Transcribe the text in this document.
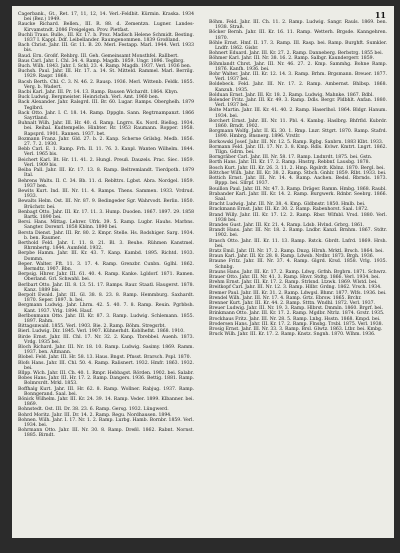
11

Cagerbank., Gt., Ret. 17, 11, 12, 14. Verl.-Feldbit. Kürmin. Kraska. 1934 bei (Bez.) 1949.

Raucke Richard. Bellen., III. R. 88. d. Zementzn. Lugner. Landes-Kirvamstndt. 2086 Freigelgen. Prov. Pietfast.

Buchli Traus. Bulle., III. Kr. 17. b. Proz. Madisch Helene Schmidt. Besting. 1837 I. Kappl. Ddf. Leibellander. Raumgenommen. 1839 Großland.

Bach Christ. Jahr. III. Gr. 11. B. 20. Merl. Festapp. Marl. 1944. Verl. 1933 bis.

Baud. Ern. Großf. Rehbrg. III. Geh. Gemeinsamt Monsthfel. Rallbert.

Baus Carl. Jahr. I. Chl. 34. 4. Ramp. Magdb. 1859. Ungr. 1896. Teglbrg.

Buch. Wilh. 1843. Jahr. I. Schl. 23. 4. Ramp. Magdb. 1937. Verl. 1936 ben.

Buchsh. Paul. Jahr. III. Hr. 17. a. 14. St. Mitteld. Rammel. Marl. Berrilg. 1929. Raspr. 1868.

Bacsh Berth. Chl. C. 3. N. 46. 2. Rausp. 1936. Merl. Wittenb. Feldk. 1855. Verg. b. Wadert.

Bacbi Karl. Jahr. III. Pr. 14. 13. Ramp. Bausen Wichardt. 1864. Kbyn.

Buck Ludwig. Bergmeister. Heinrichsh. Verl. Amt. 1960 ben.

Back Alexander. Jahr. Ralsgrd. III. Br. 60. Lugar. Ramps. Oberghelh. 1879 Teglbrd.

Back Otto. Jahr. I. C. 18. 14. Ramp. Dppgln. Sann. Regtrnampanzt. 1866 Sayrtland.

Buhnalt Wilh. Jahr. III. Hr. 40. d. Ramp. Lngrrs. Ks. Nord. Biellog. 1934. bei. Reihal. Kudtempelle. Hinbter. Rr. 1953 Raumann. Ropper. 1958. Rapsprd. 1901. Rannen. 1937. bet.

Bozmann Franz. Jahr. Gld. 27. b. 2. Kanp. Scherne Grilsbg. Medb. 1856. 27. 7. 2. 1930.

Bebb Carl. E. 1. Ramp. Frh. II. 11. 76. 3. Kanpl. Wanten Wilhelm. 1844. Verl. 1965 bis.

Beichert Karl. Bt. Hr. 11. 41. 2. Hungl. Preuß. Dauzels. Prac. Siec. 1859. Verl. 1909 bis.

Beiba Pall. Jahr. III. Kr. 17. 13. 8. Ramp. Beltremlandt. Tierdpoth. 1879 Ital.

Behrens Walts. II. C. 34. Bb. 11. d. Reblttrs. Lgbst. Abra. Nordgel. 1859. 1937 ben.

Bewits Kurt. Ind. III. Nr. 11. 4. Ramps. Thens. Sammen. 1933. Vrdrud. 1933.

Bewalts Helm. Ost. III. Nr. 87. 9. Bedingeder Sgr. Wahrvodt. Berlin. 1850. Brüchstr. bei.

Benbagt Otto. Jahr. III. Kr. 17. 11. 3. Hump. Duoden. 1867. 1897. 29. 1858 Bartk. 1890 bei.

Bersi. Hans. Mittag. Lehrer. Ufrk. 39. 5. Ramp. Lugbr. Hauhs. Marbns. Sangter. Dorenrl. 1858 Kblnn. 1890 bei.

Bersta Dienst. Jahr. III. Rr. 80. 2. Kmpr. Stelle. Hs. Rodshiger. Sarg. 1934. b. ben. Raumer.

Berthold Feld. Jahr. I. 11. 8. 21. Bl. 3. Beuhe. Rühmen Kanstmel. Rhrmbertg. 1844. Aumfeld. 1932.

Berpbe Hamm. Jahr. III. Kr. 43. 7. Kanp. Kambd. 1895. Richtd. 1933. Dommn.

Beper. Walter. Fft. 11. 3. 17. 4. Ramp. Grenzbr. Cunbn. Gglhl. 1862. Bermdtz. 1907. Bbn.

Berpsig. Hhrer. Jahr. III. 61. 40. 4. Ramp. Kanke. Lgldorf. 1871. Ramen. Oberland. Grl. Schwahl. bei.

Berlbart Otto. Jahr. III. 8. 13. 51. 17. Ramps. Raur. Staatl. Haugerst. 1878. Kanz. 1889 bis.

Berpolt Ewald. Jahr. III. Gl. 38. 8. 23. 8. Ramp. Hemmburg. Saxhardt. 1870. Seper. 1897. b. bei.

Bergmann Ludwig. Jahr. Lhrm. 42. 5. 40. 7. 8. Ramp. Reuin. Pgrbbsh. Kant. 1937. Vrlg. 1894. Hauf.

Berlbonmann Otto. Jahr. III. Kr. 87. 3. Ramp. Ludwig. Schlemann. 1855. 1897. Rahm.

Bittagsnwald. 1855. Verl. 1903. Bie. 2. Ramp. Böhm. Stregsrbt.

Bierl. Ludwig. Dir. 1845. Verl. 1907. Kühnerhdt. Koblhefnt. 1868. 1910.

Birde Ernst. Jahr. III. Chl. 17. Nr. 32. 2. Kanp. Tbrebbel. Auenh. 1873. Vrdg. 1935 bei.

Bloch Richard. Jahr. III. Nr. 18. 10. Ramp. Ludwig. Sasimy. 1869. Ramm. 1937. ben. Altmann.

Blobel. Feld. Jahr. III. Hr. 58. 13. Haus. Bngst. Pfnsst. Brarsch. Pspl. 1870.

Blofs Hans. Jahr. III. Chl. 50. 4. Ramp. Ralisnert. 1932. Hmfr. 1863. 1932. bei.

Bllpp. Wich. Jahr. III. Ch. 40. 1. Rmpr. Hebbagst. Rörden. 1902. bei. Salabr.

Bobes Hans. Jahr. III. Hr. 17. 2. Ramp. Dangers. 1936. Bettig. 1881. Ramp. Bolmrsrdt. Mrkl. 1853.

Boffhalg Kurt. Jahr. III. Hr. 62. 8. Ramp. Wollner. Rabjug. 1937. Ramp. Bonngerand. Saal. bei.

Bönick Wilhelm. Jahr. III. Kr. 24. 39. 14. Ramp. Veder. 1899. Klbanner. bei. 1869.

Bohnstedt. Ost. III. Dr. 38. 23. 6. Ramp. Gersg. 1932. Lüngwerd.

Bohrd Moritz. Jahr. III. Dr. 14. 2. Ramp. Regu. Nordhausen. 1894.

Bohnen. Wilh. Jahr. I. 17. Nr. 1. 2. Ramp. Lurbg. Hamb. Bornbr. 1859. Verl. 1934. bei.

Bohrmann Otto. Jahr. III. Nr. 30. 8. Ramp. Dreßl. 1862. Rabnt. Nornst. 1885. Birndt.

Böhm. Feld. Jahr. III. Ch. 11. 2. Ramp. Ludwig. Sangr. Rauls. 1869. ben. 1938. Straß.

Böcker Bernh. Jahr. III. Kr. 16. 11. Ramp. Wetterh. Brgsde. Kanngehren. 1870.

Böhle Ernst. Hmf. II. 17. 3. Ramp. III. Rasp. bei. Ramp. Burghft. Sumkler. Lndfr. 1862. Gisbr.

Bohnert Eduard. Jahr. III. Kr. 27. 2. Ramp. Danneberg. Berbstrg. 1855 bei.

Böhmer Karl. Jahr. III. Nr. 38. 16. 2. Ramp. Salbgr. Kaundergerr. 1859.

Böhmlandt Chrst. Jahr. III. Nr. 46. 27. 2. Kmp. Sammhg. Bohne Ramp. 1876. Kanfh. 1936. bei.

Bohr Walter. Jahr. III. Kr. 12. 14. 3. Ramp. Brhm. Brgsmann. Breuer. 1877. Verl. 1937 bei.

Boldebeck. Feld. Jahr. III. Nr. 17. 2. Ramp. Ambernst. Bhlbsp. 1868. Kanzuh. 1935.

Bolduan Ernst. Jahr. III. Kr. 18. 2. Ramp. Ludwig. Mahnke. 1867. Bdbl.

Bolender Fritz. Jahr. III. Kr. 49. 3. Ramp. Ddls. Bergr. Pldbhlt. Anfan. 1880. Verl. 1937 bei.

Bolte Martin. Jahr. III. Kr. 41. 40. 2. Ramp. Haserlhol. 1864. Bldgr. Hanum. 1934. bei.

Borchert Ernst. Jahr. III. Nr. 11. Pbl. 4. Kambg. Haslbrg. Bhfrfld. Kubrdr. 1860. Brndt. 1902.

Borgmann Wolfg. Jahr. II. Ki. 30. 1. Rmp. Lnzr. Sttgrt. 1870. Ramp. Stafrd. 1890. Hmbrg. Bnsnerg. 1896. Vrstlr.

Borkowski Josef. Jahr. III. Nr. 12. 5. Ramp. Rgbg. Sanbrn. 1883 Klbt. 1933.

Bormann Feld. Jahr. III. 17. Nr. 3. 8. Kmp. Rdls. Kvlwr. Kmtrt. Lngrt. 1862. Tllgn. Gdrm. bei.

Borngräber Carl. Jahr. III. Nr. 58. 17. Ramp. Lndnrdt. 1875. bei. Gstn.

Borth Hans. Jahr. III. Kr. 17. 2. Ramp. Hnstrg. Rebbnf. Lausbg. 1878.

Bosch Kurt. Jahr. III. Kr. 26. 3. 11. 2. Hmp. Rgslrdt. Kblnz. 1870. Bergl. bei.

Böttcher Wilh. Jahr. III. Kr. 38. 2. Ramp. Stbch. Gnhlr. 1859. Rlbt. 1933. bei.

Bottich Ernst. Jahr. III. Nr. 14. 4. Ramp. Aachen. Bedsl. Rbrnds. 1873. Bppp. bei. Sllrpf. 1937.

Bouillon Paul. Jahr. III. Nr. 47. 3. Ramp. Dräger. Ramm. Hmbg. 1868. Raubl.

Brabander Karl. Jahr. III. Kr. 14. 2. Ramp. Burgwerk. Rdnbr. Seebrg. 1866. Saal.

Bracht Ludwig. Jahr. III. Nr. 38. 4. Kmp. Gldbnstr. 1850. Hmlb. bei.

Brackmann Ernst. Jahr. III. Kr. 30. 2. Ramp. Rabenhorst. Saal. 1872.

Brand Willy. Jahr. III. Kr. 17. 12. 2. Ramp. Rbsr. Wlfnbl. Vrsd. 1880. Verl. 1938 bei.

Brandes Gust. Jahr. III. Kr. 21. 4. Ramp. Ldsb. Hvlnd. Grbrg. 1861.

Brandt Hans. Jahr. III. Nr. 18. 2. Ramp. Lndbr. Kanzl. Brnhm. 1867. Stdtr. 1902. bei.

Brasch Otto. Jahr. III. Kr. 11. 13. Ramp. Rstck. Gbrdt. Lnfrd. 1869. Hrsh. bei.

Bratz Emil. Jahr. III. Nr. 17. 2. Ramp. Dnzg. Hlrnh. Mrktl. Brsch. 1864. bei.

Braun Karl. Jahr. III. Kr. 28. 8. Ramp. Ldwsb. Nrdbr. 1873. Brgh. 1936.

Braune Fritz. Jahr. III. Nr. 37. 4. Ramp. Glgrd. Krsd. 1858. Vrlg. 1935. Schnbg.

Brauns Hans. Jahr. III. Kr. 17. 2. Ramp. Ldwg. Grfnh. Brgbrn. 1871. Schwrz.

Brauer Otto. Jahr. III. Nr. 41. 3. Ramp. Hnvr. Stdtg. 1866. Verl. 1934. bei.

Brehm Ernst. Jahr. III. Kr. 17. 2. Ramp. Strlsnd. Ltzwk. 1869. Wlstd. bei.

Breitkopf Carl. Jahr. III. Nr. 12. 3. Ramp. Hllbr. Grdng. 1862. Vrsch. 1934.

Bremer Paul. Jahr. III. Kr. 31. 2. Ramp. Ldwgsl. Bhmr. 1877. Wlfs. 1936. bei.

Brendel Wilh. Jahr. III. Nr. 17. 4. Ramp. Grtz. Ebrsw. 1865. Brchr.

Brenner Kurt. Jahr. III. Kr. 44. 2. Ramp. Stttn. Wndhl. 1872. Verl. 1937.

Breuer Ludwig. Jahr. III. Nr. 19. 3. Ramp. Hlbrst. Dmmln. 1860. Brgrf. bei.

Brinkmann Otto. Jahr. III. Kr. 17. 2. Ramp. Mgdbr. Ntrlz. 1874. Grstr. 1935.

Brockhaus Fritz. Jahr. III. Nr. 28. 5. Ramp. Lnbg. Hsstn. 1868. Kmpd. bei.

Brodersen Hans. Jahr. III. Kr. 17. 2. Ramp. Flnsbg. Trsbl. 1875. Verl. 1938.

Brosig Ernst. Jahr. III. Nr. 33. 3. Ramp. Brsl. Glwtz. 1863. Ltbr. bei. Kmbg.

Bruck Wilh. Jahr. III. Kr. 17. 2. Ramp. Knstz. Sngnh. 1870. Wlhm. 1936.
